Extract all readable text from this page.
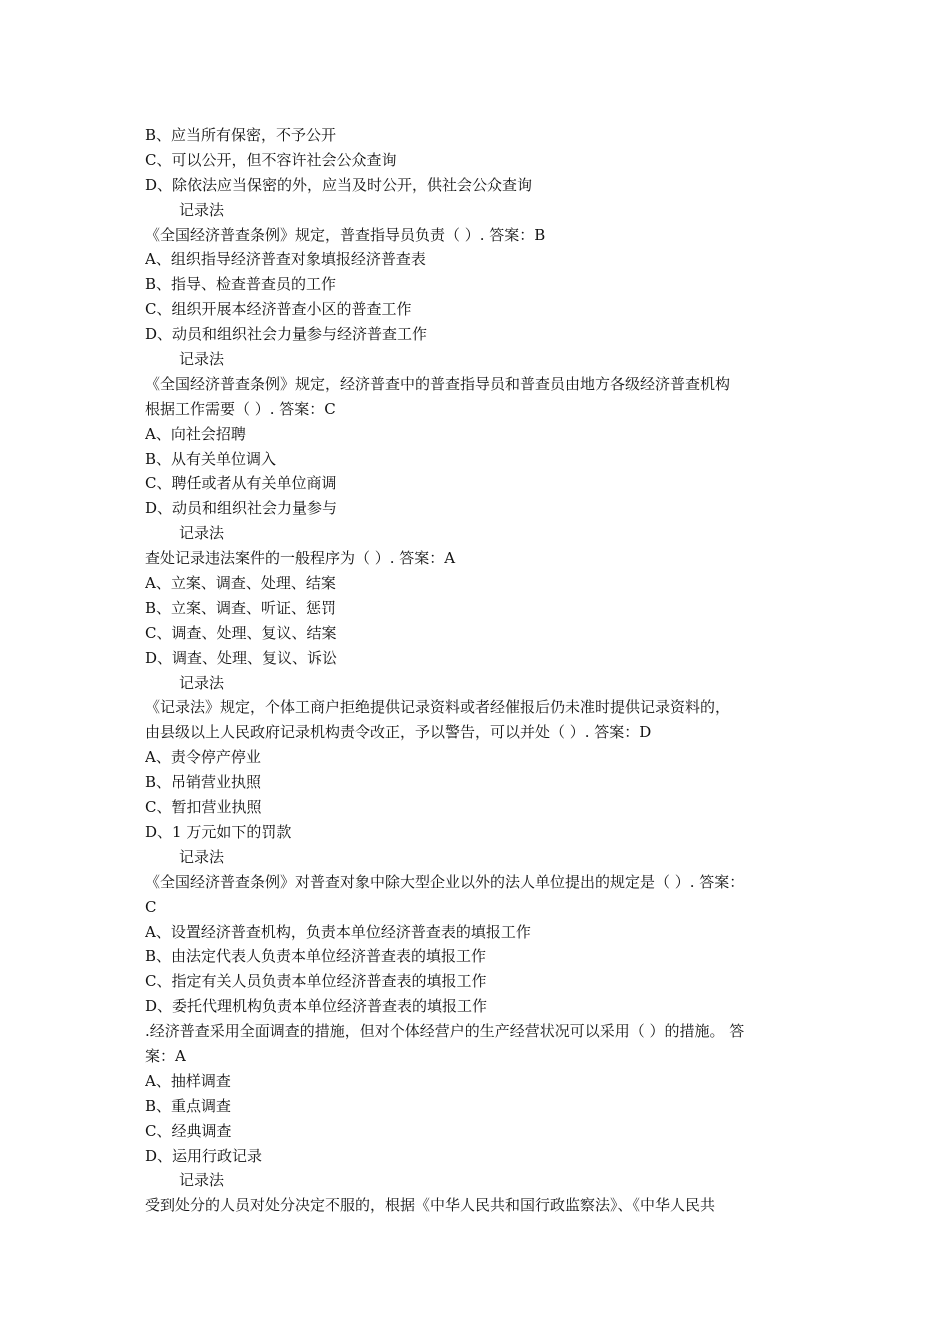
B、应当所有保密，不予公开
C、可以公开，但不容许社会公众查询
D、除依法应当保密的外，应当及时公开，供社会公众查询
记录法
《全国经济普查条例》规定，普查指导员负责（ ）. 答案：B
A、组织指导经济普查对象填报经济普查表
B、指导、检查普查员的工作
C、组织开展本经济普查小区的普查工作
D、动员和组织社会力量参与经济普查工作
记录法
《全国经济普查条例》规定，经济普查中的普查指导员和普查员由地方各级经济普查机构
根据工作需要（ ）. 答案：C
A、向社会招聘
B、从有关单位调入
C、聘任或者从有关单位商调
D、动员和组织社会力量参与
记录法
查处记录违法案件的一般程序为（ ）. 答案：A
A、立案、调查、处理、结案
B、立案、调查、听证、惩罚
C、调查、处理、复议、结案
D、调查、处理、复议、诉讼
记录法
《记录法》规定，个体工商户拒绝提供记录资料或者经催报后仍未准时提供记录资料的，
由县级以上人民政府记录机构责令改正，予以警告，可以并处（ ）. 答案：D
A、责令停产停业
B、吊销营业执照
C、暂扣营业执照
D、1 万元如下的罚款
记录法
《全国经济普查条例》对普查对象中除大型企业以外的法人单位提出的规定是（ ）. 答案：
C
A、设置经济普查机构，负责本单位经济普查表的填报工作
B、由法定代表人负责本单位经济普查表的填报工作
C、指定有关人员负责本单位经济普查表的填报工作
D、委托代理机构负责本单位经济普查表的填报工作
.经济普查采用全面调查的措施，但对个体经营户的生产经营状况可以采用（ ）的措施。 答
案：A
A、抽样调查
B、重点调查
C、经典调查
D、运用行政记录
记录法
受到处分的人员对处分决定不服的，根据《中华人民共和国行政监察法》、《中华人民共
